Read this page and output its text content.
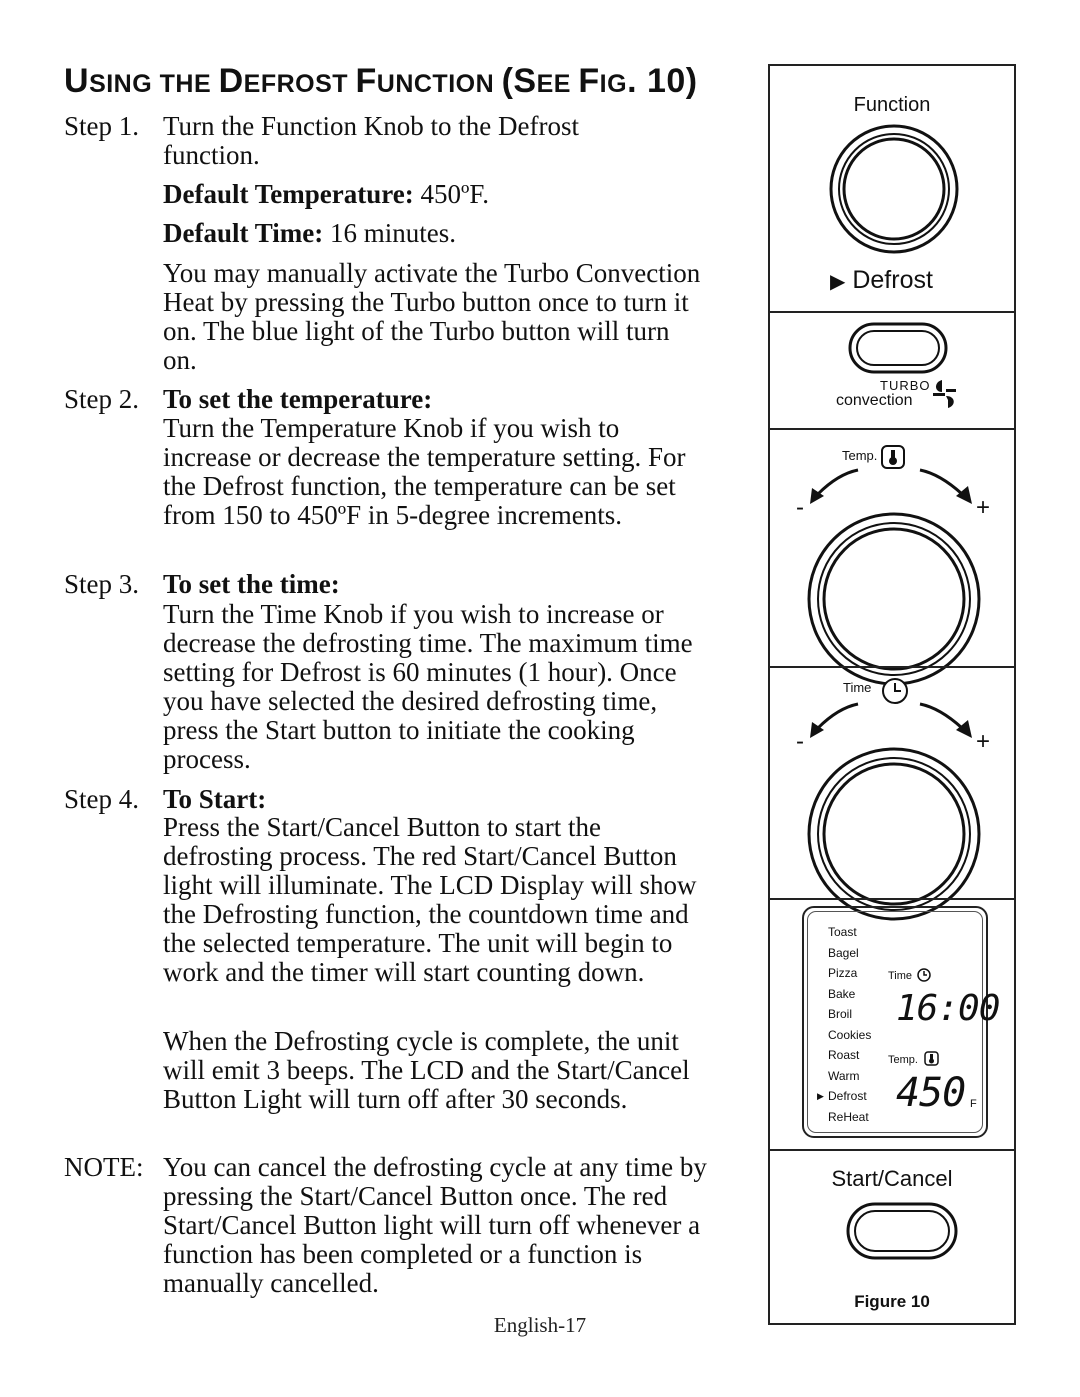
USING THE DEFROST FUNCTION (SEE FIG. 10)
Step 1. Turn the Function Knob to the Defrost function.
Default Temperature: 450ºF.
Default Time: 16 minutes.
You may manually activate the Turbo Convection Heat by pressing the Turbo button once to turn it on. The blue light of the Turbo button will turn on.
Step 2. To set the temperature:
Turn the Temperature Knob if you wish to increase or decrease the temperature setting. For the Defrost function, the temperature can be set from 150 to 450ºF in 5-degree increments.
Step 3. To set the time:
Turn the Time Knob if you wish to increase or decrease the defrosting time. The maximum time setting for Defrost is 60 minutes (1 hour). Once you have selected the desired defrosting time, press the Start button to initiate the cooking process.
Step 4. To Start:
Press the Start/Cancel Button to start the defrosting process. The red Start/Cancel Button light will illuminate. The LCD Display will show the Defrosting function, the countdown time and the selected temperature. The unit will begin to work and the timer will start counting down.
When the Defrosting cycle is complete, the unit will emit 3 beeps. The LCD and the Start/Cancel Button Light will turn off after 30 seconds.
NOTE: You can cancel the defrosting cycle at any time by pressing the Start/Cancel Button once. The red Start/Cancel Button light will turn off whenever a function has been completed or a function is manually cancelled.
English-17
Function
▶ Defrost
TURBO
convection
Temp.
-	+
Time
-	+
Toast
Bagel
Pizza
Bake
Broil
Cookies
Roast
Warm
▶ Defrost
ReHeat
Time
16:00
Temp.
450 F
Start/Cancel
Figure 10
